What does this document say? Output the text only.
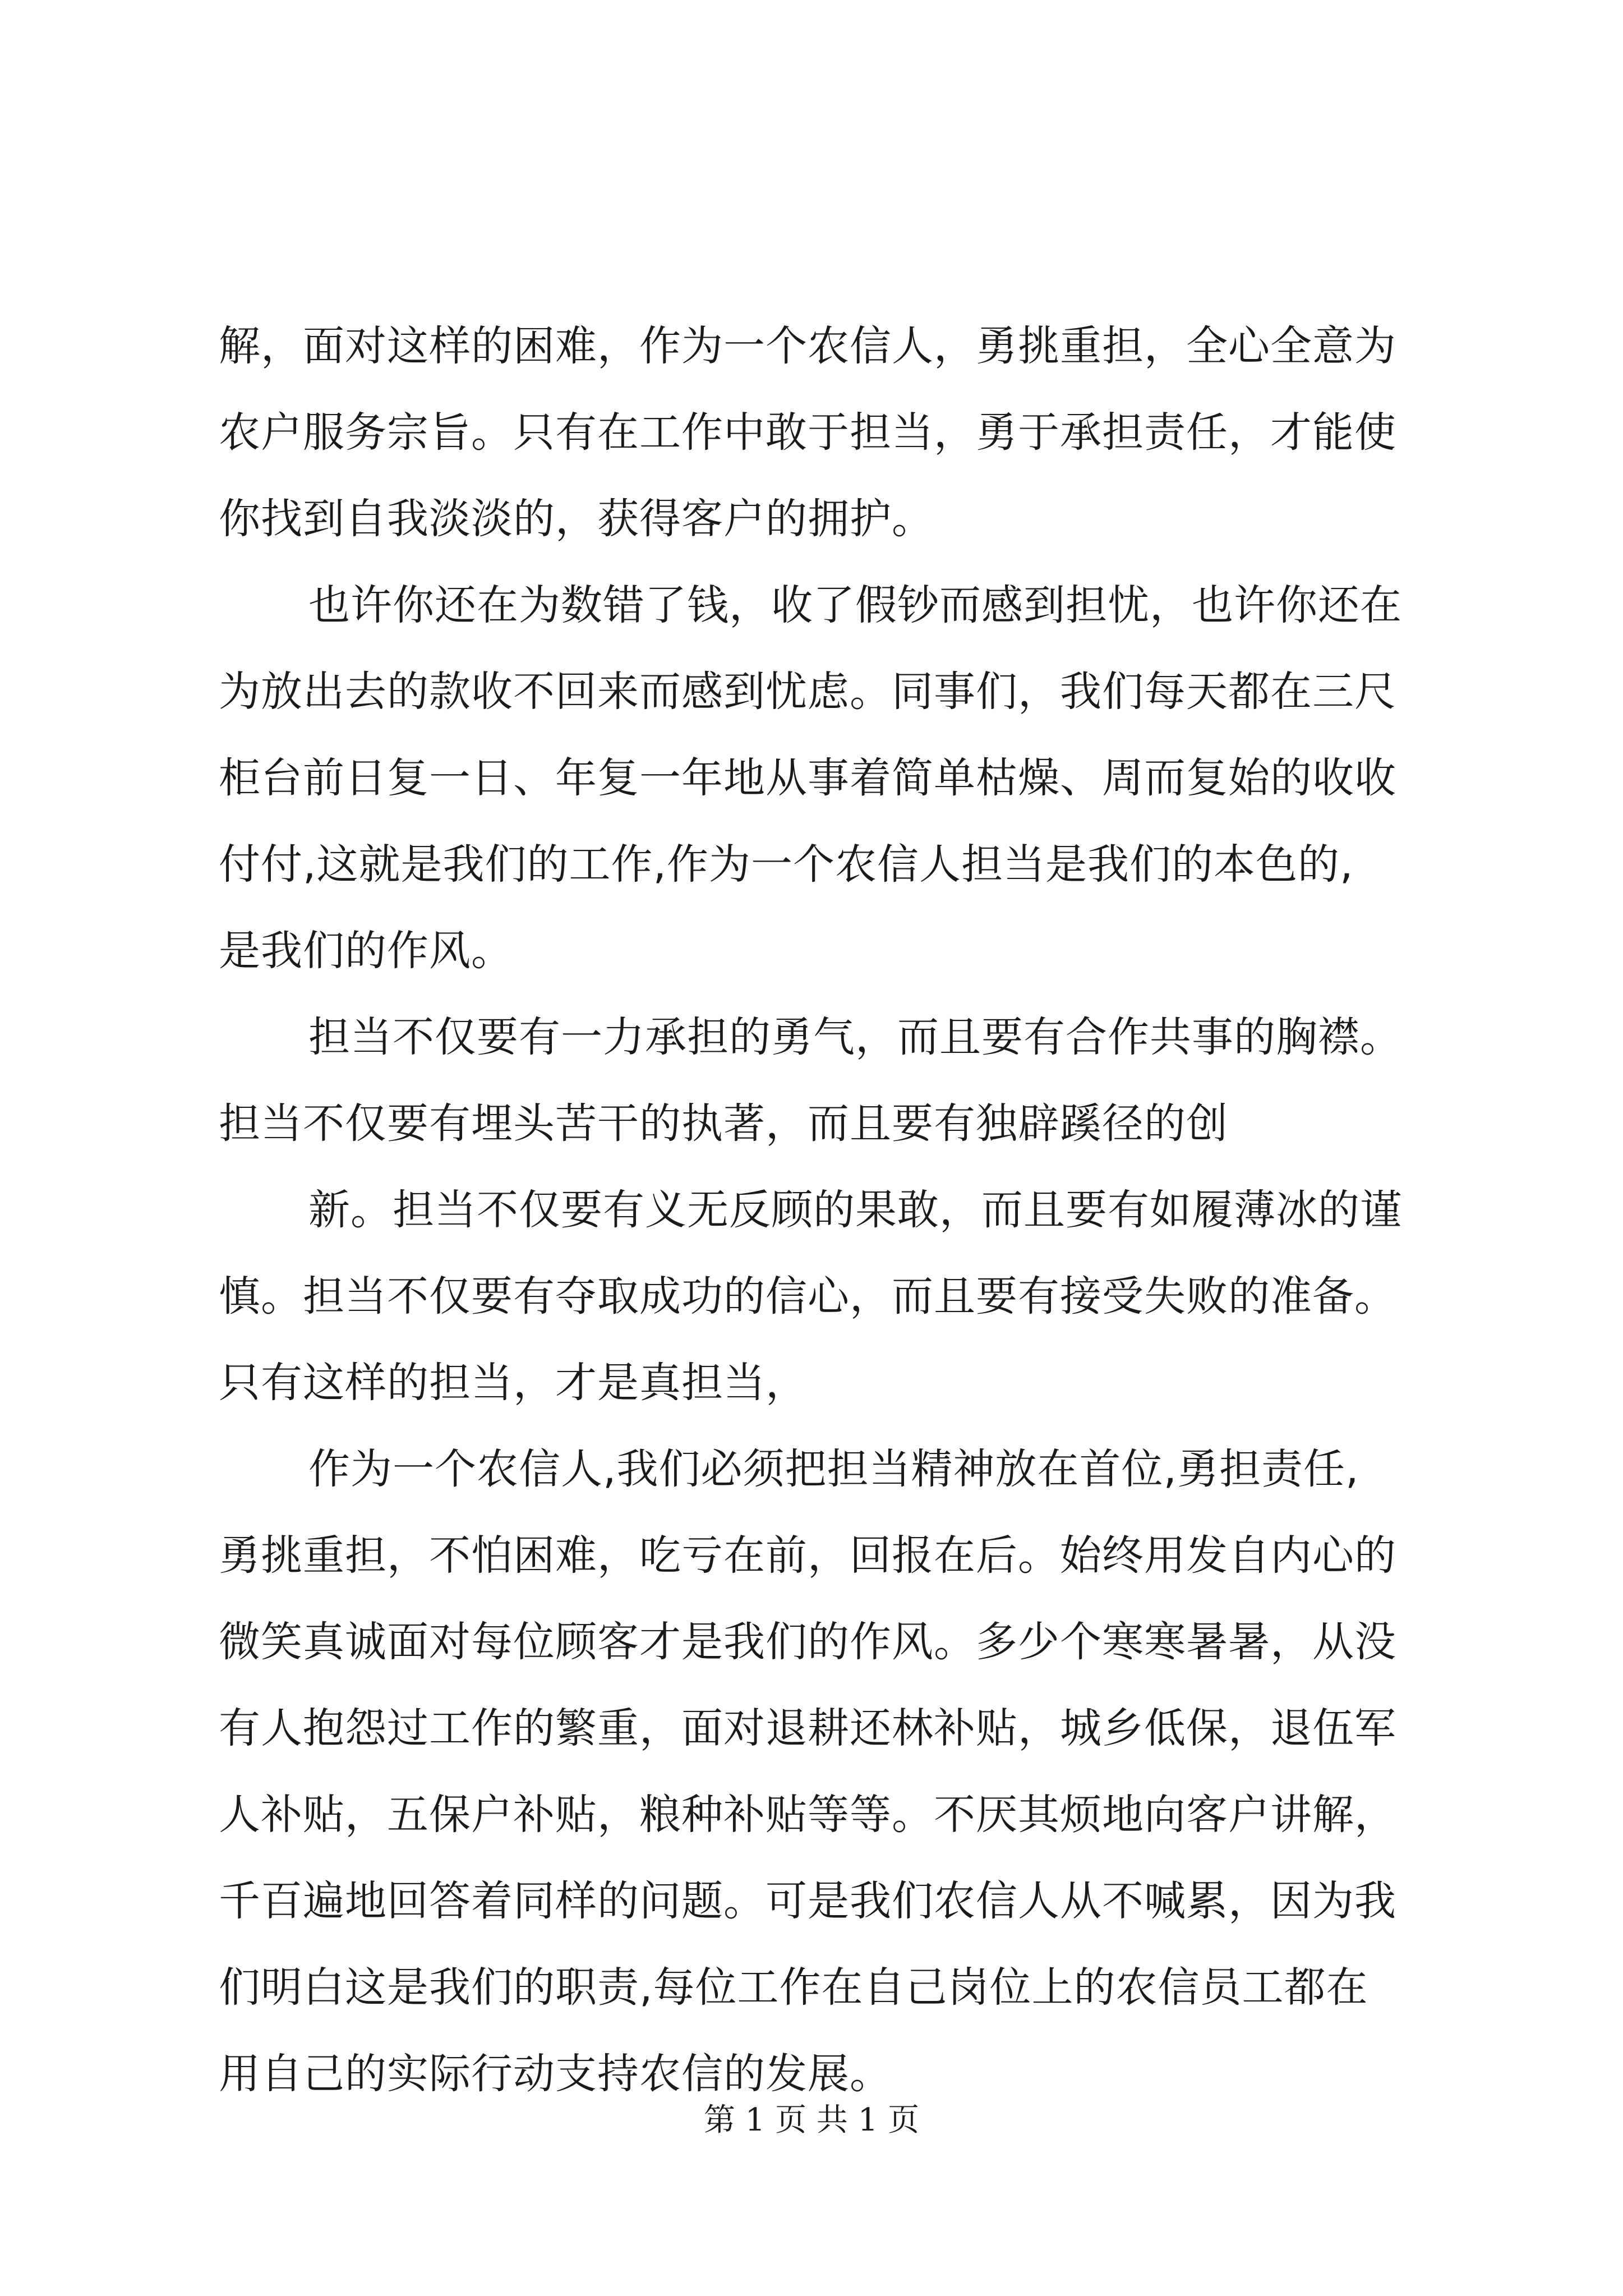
解，面对这样的困难，作为一个农信人，勇挑重担，全心全意为
农户服务宗旨。只有在工作中敢于担当，勇于承担责任，才能使
你找到自我淡淡的，获得客户的拥护。
也许你还在为数错了钱，收了假钞而感到担忧，也许你还在
为放出去的款收不回来而感到忧虑。同事们，我们每天都在三尺
柜台前日复一日、年复一年地从事着简单枯燥、周而复始的收收
付付,这就是我们的工作,作为一个农信人担当是我们的本色的,
是我们的作风。
担当不仅要有一力承担的勇气，而且要有合作共事的胸襟。
担当不仅要有埋头苦干的执著，而且要有独辟蹊径的创
新。担当不仅要有义无反顾的果敢，而且要有如履薄冰的谨
慎。担当不仅要有夺取成功的信心，而且要有接受失败的准备。
只有这样的担当，才是真担当，
作为一个农信人,我们必须把担当精神放在首位,勇担责任,
勇挑重担，不怕困难，吃亏在前，回报在后。始终用发自内心的
微笑真诚面对每位顾客才是我们的作风。多少个寒寒暑暑，从没
有人抱怨过工作的繁重，面对退耕还林补贴，城乡低保，退伍军
人补贴，五保户补贴，粮种补贴等等。不厌其烦地向客户讲解，
千百遍地回答着同样的问题。可是我们农信人从不喊累，因为我
们明白这是我们的职责,每位工作在自己岗位上的农信员工都在
用自己的实际行动支持农信的发展。
第 1 页 共 1 页
